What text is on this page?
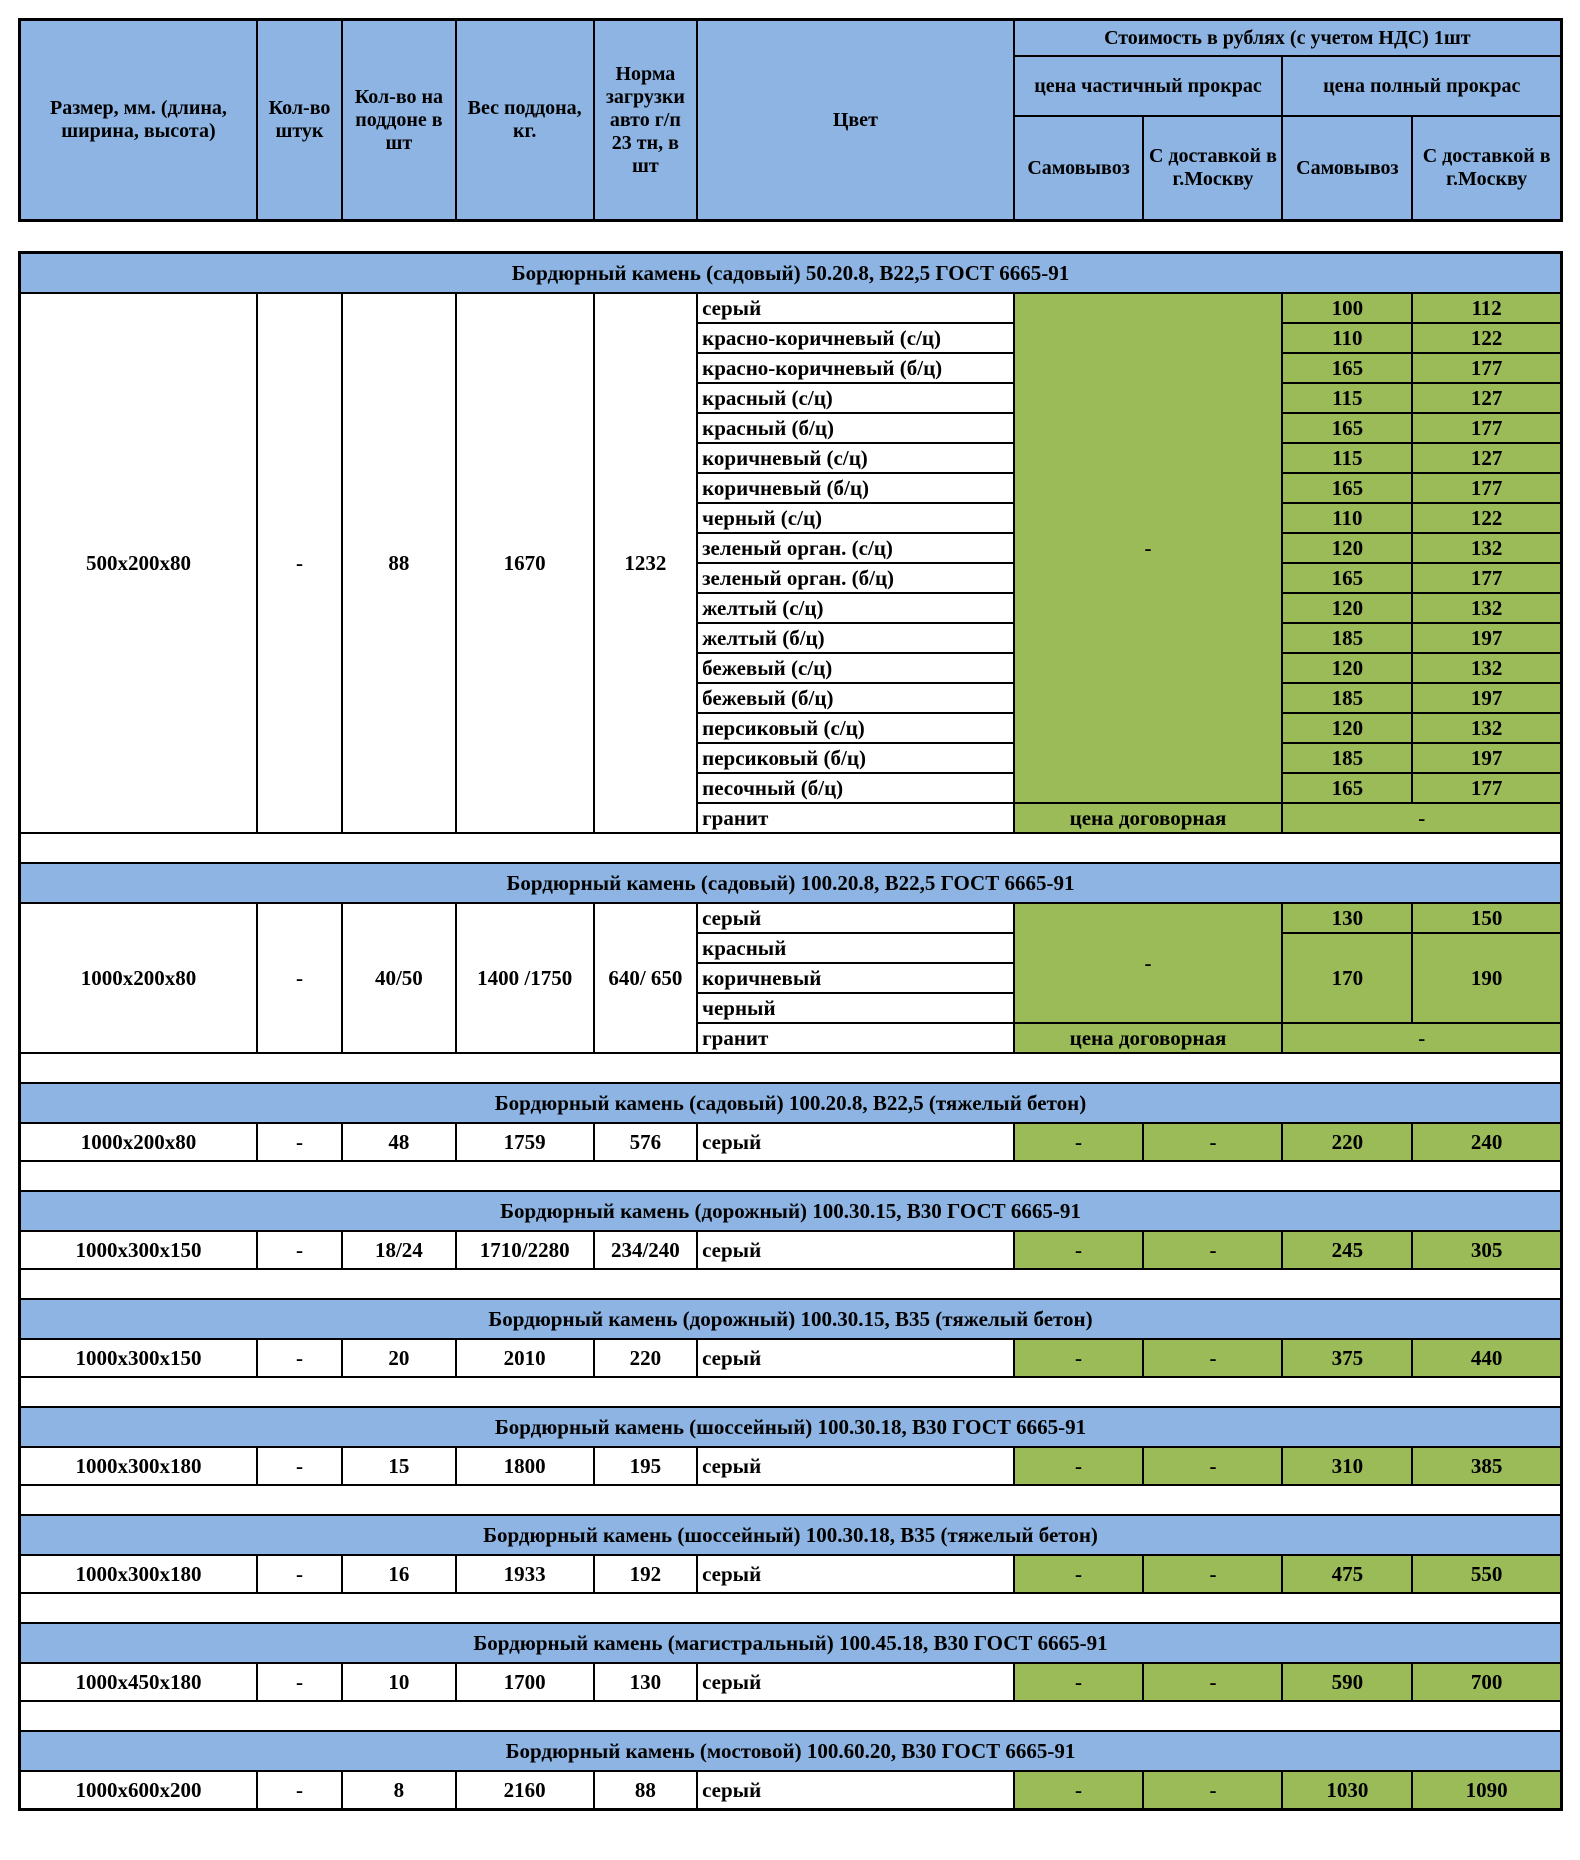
Размер, мм. (длина, ширина, высота)	Кол-во штук	Кол-во на поддоне в шт	Вес поддона, кг.	Норма загрузки авто г/п 23 тн, в шт	Цвет	Стоимость в рублях (с учетом НДС) 1шт			
						цена частичный прокрас		цена полный прокрас	
						Самовывоз	С доставкой в г.Москву	Самовывоз	С доставкой в г.Москву
Бордюрный камень (садовый) 50.20.8, В22,5 ГОСТ 6665-91									
500x200x80	-	88	1670	1232	серый	-		100	112
					красно-коричневый (с/ц)			110	122
					красно-коричневый (б/ц)			165	177
					красный (с/ц)			115	127
					красный (б/ц)			165	177
					коричневый (с/ц)			115	127
					коричневый (б/ц)			165	177
					черный (с/ц)			110	122
					зеленый орган. (с/ц)			120	132
					зеленый орган. (б/ц)			165	177
					желтый (с/ц)			120	132
					желтый (б/ц)			185	197
					бежевый (с/ц)			120	132
					бежевый (б/ц)			185	197
					персиковый (с/ц)			120	132
					персиковый (б/ц)			185	197
					песочный (б/ц)			165	177
					гранит	цена договорная		-	

Бордюрный камень (садовый) 100.20.8, В22,5 ГОСТ 6665-91									
1000x200x80	-	40/50	1400 /1750	640/ 650	серый	-		130	150
					красный			170	190
					коричневый				
					черный				
					гранит	цена договорная		-	

Бордюрный камень (садовый) 100.20.8, В22,5 (тяжелый бетон)									
1000x200x80	-	48	1759	576	серый	-	-	220	240

Бордюрный камень (дорожный) 100.30.15, В30 ГОСТ 6665-91									
1000x300x150	-	18/24	1710/2280	234/240	серый	-	-	245	305

Бордюрный камень (дорожный) 100.30.15, В35 (тяжелый бетон)									
1000x300x150	-	20	2010	220	серый	-	-	375	440

Бордюрный камень (шоссейный) 100.30.18, В30 ГОСТ 6665-91									
1000x300x180	-	15	1800	195	серый	-	-	310	385

Бордюрный камень (шоссейный) 100.30.18, В35 (тяжелый бетон)									
1000x300x180	-	16	1933	192	серый	-	-	475	550

Бордюрный камень (магистральный) 100.45.18, В30 ГОСТ 6665-91									
1000x450x180	-	10	1700	130	серый	-	-	590	700

Бордюрный камень (мостовой) 100.60.20, В30 ГОСТ 6665-91									
1000x600x200	-	8	2160	88	серый	-	-	1030	1090
